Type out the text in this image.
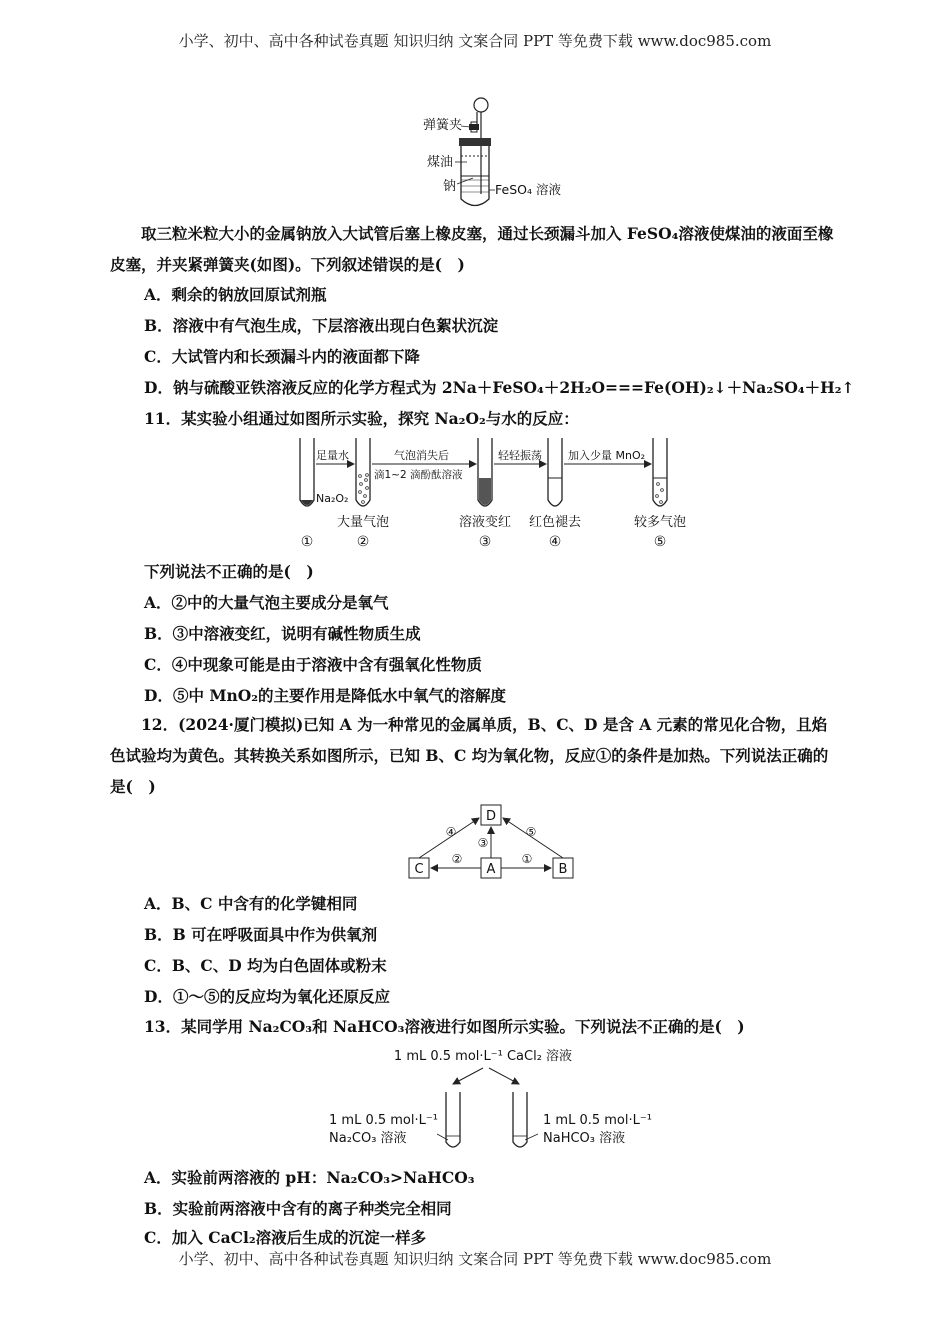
小学、初中、高中各种试卷真题 知识归纳 文案合同 PPT 等免费下载 www.doc985.com
弹簧夹
煤油
钠	FeSO₄ 溶液
取三粒米粒大小的金属钠放入大试管后塞上橡皮塞，通过长颈漏斗加入 FeSO₄溶液使煤油的液面至橡皮塞，并夹紧弹簧夹(如图)。下列叙述错误的是(　)
A．剩余的钠放回原试剂瓶
B．溶液中有气泡生成，下层溶液出现白色絮状沉淀
C．大试管内和长颈漏斗内的液面都下降
D．钠与硫酸亚铁溶液反应的化学方程式为 2Na＋FeSO₄＋2H₂O===Fe(OH)₂↓＋Na₂SO₄＋H₂↑
11．某实验小组通过如图所示实验，探究 Na₂O₂与水的反应：
足量水
Na₂O₂
气泡消失后
滴1~2 滴酚酞溶液
轻轻振荡 加入少量 MnO₂
大量气泡	溶液变红 红色褪去	较多气泡
①	②	③	④	⑤
下列说法不正确的是(　)
A．②中的大量气泡主要成分是氧气
B．③中溶液变红，说明有碱性物质生成
C．④中现象可能是由于溶液中含有强氧化性物质
D．⑤中 MnO₂的主要作用是降低水中氧气的溶解度
12．(2024·厦门模拟)已知 A 为一种常见的金属单质，B、C、D 是含 A 元素的常见化合物，且焰色试验均为黄色。其转换关系如图所示，已知 B、C 均为氧化物，反应①的条件是加热。下列说法正确的是(　)
D
A
C	B
①
②
③
④	⑤
A．B、C 中含有的化学键相同
B．B 可在呼吸面具中作为供氧剂
C．B、C、D 均为白色固体或粉末
D．①～⑤的反应均为氧化还原反应
13．某同学用 Na₂CO₃和 NaHCO₃溶液进行如图所示实验。下列说法不正确的是(　)
1 mL 0.5 mol·L⁻¹ CaCl₂ 溶液
1 mL 0.5 mol·L⁻¹
Na₂CO₃ 溶液
1 mL 0.5 mol·L⁻¹
NaHCO₃ 溶液
A．实验前两溶液的 pH：Na₂CO₃>NaHCO₃
B．实验前两溶液中含有的离子种类完全相同
C．加入 CaCl₂溶液后生成的沉淀一样多
小学、初中、高中各种试卷真题 知识归纳 文案合同 PPT 等免费下载 www.doc985.com
